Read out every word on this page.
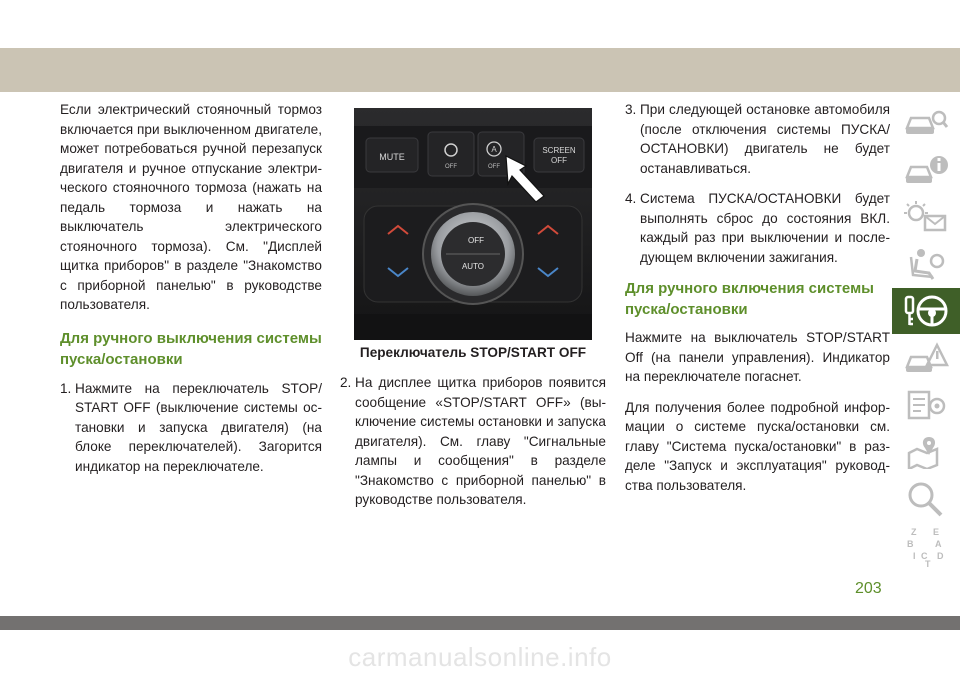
Если электрический стояночный тормоз включается при выключенном двигателе, может потребоваться ручной перезапуск двигателя и ручное отпускание электрического стояночного тормоза (нажать на педаль тормоза и нажать на выключатель электрического стояночного тормоза). См. "Дисплей щитка приборов" в разделе "Знакомство с приборной панелью" в руководстве пользователя.

Для ручного выключения системы
пуска/остановки
1. Нажмите на переключатель STOP/ START OFF (выключение системы остановки и запуска двигателя) (на блоке переключателей). Загорится индикатор на переключателе.
MUTE
OFF
A
OFF
SCREEN
OFF
OFF
AUTO
Переключатель STOP/START OFF
2. На дисплее щитка приборов появится сообщение «STOP/START OFF» (выключение системы остановки и запуска двигателя). См. главу "Сигнальные лампы и сообщения" в разделе "Знакомство с приборной панелью" в руководстве пользователя.
3. При следующей остановке автомобиля (после отключения системы ПУСКА/ОСТАНОВКИ) двигатель не будет останавливаться.
4. Система ПУСКА/ОСТАНОВКИ будет выполнять сброс до состояния ВКЛ. каждый раз при выключении и последующем включении зажигания.
Для ручного включения системы
пуска/остановки

Нажмите на выключатель STOP/START Off (на панели управления). Индикатор на переключателе погаснет.

Для получения более подробной информации о системе пуска/остановки см. главу "Система пуска/остановки" в разделе "Запуск и эксплуатация" руководства пользователя.

Z E
B A
I C D
T
203
carmanualsonline.info
